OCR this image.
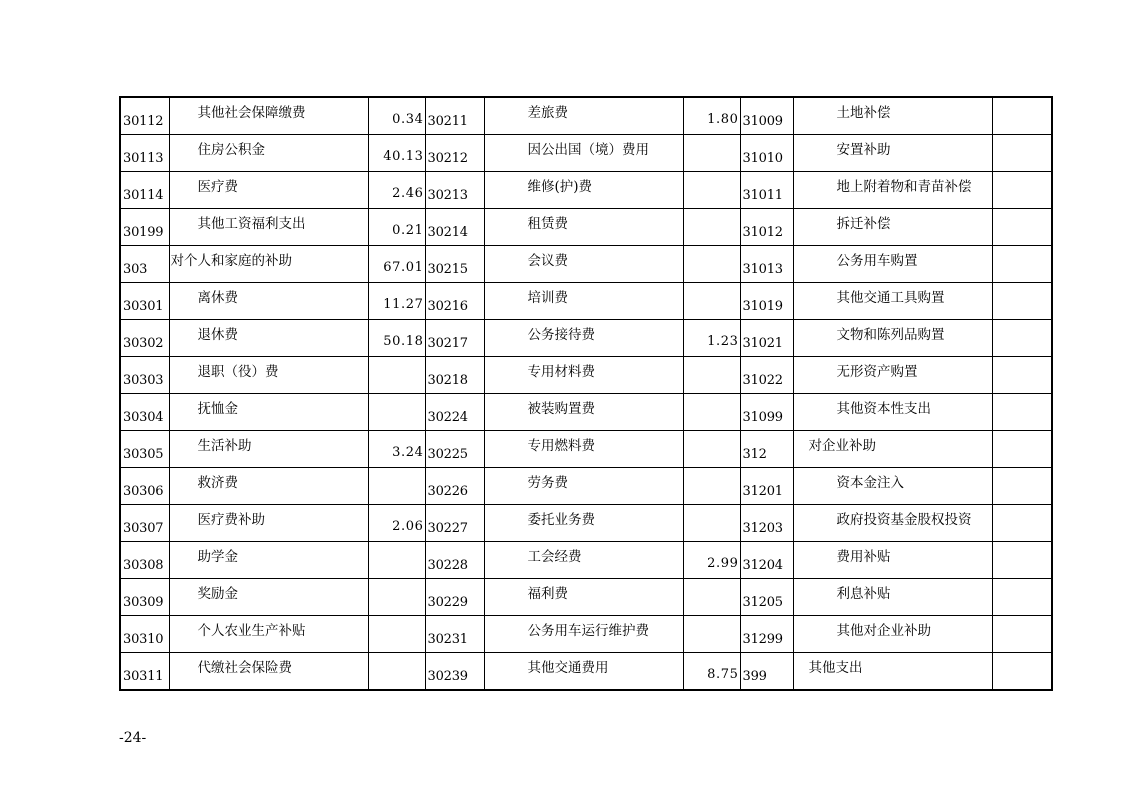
30112	其他社会保障缴费	0.34	30211	差旅费	1.80	31009	土地补偿	

30113	住房公积金	40.13	30212	因公出国（境）费用		31010	安置补助	

30114	医疗费	2.46	30213	维修(护)费		31011	地上附着物和青苗补偿	

30199	其他工资福利支出	0.21	30214	租赁费		31012	拆迁补偿	

303	对个人和家庭的补助	67.01	30215	会议费		31013	公务用车购置	

30301	离休费	11.27	30216	培训费		31019	其他交通工具购置	

30302	退休费	50.18	30217	公务接待费	1.23	31021	文物和陈列品购置	

30303	退职（役）费		30218	专用材料费		31022	无形资产购置	

30304	抚恤金		30224	被装购置费		31099	其他资本性支出	

30305	生活补助	3.24	30225	专用燃料费		312	对企业补助	

30306	救济费		30226	劳务费		31201	资本金注入	

30307	医疗费补助	2.06	30227	委托业务费		31203	政府投资基金股权投资	

30308	助学金		30228	工会经费	2.99	31204	费用补贴	

30309	奖励金		30229	福利费		31205	利息补贴	

30310	个人农业生产补贴		30231	公务用车运行维护费		31299	其他对企业补助	

30311	代缴社会保险费		30239	其他交通费用	8.75	399	其他支出	

-24-
